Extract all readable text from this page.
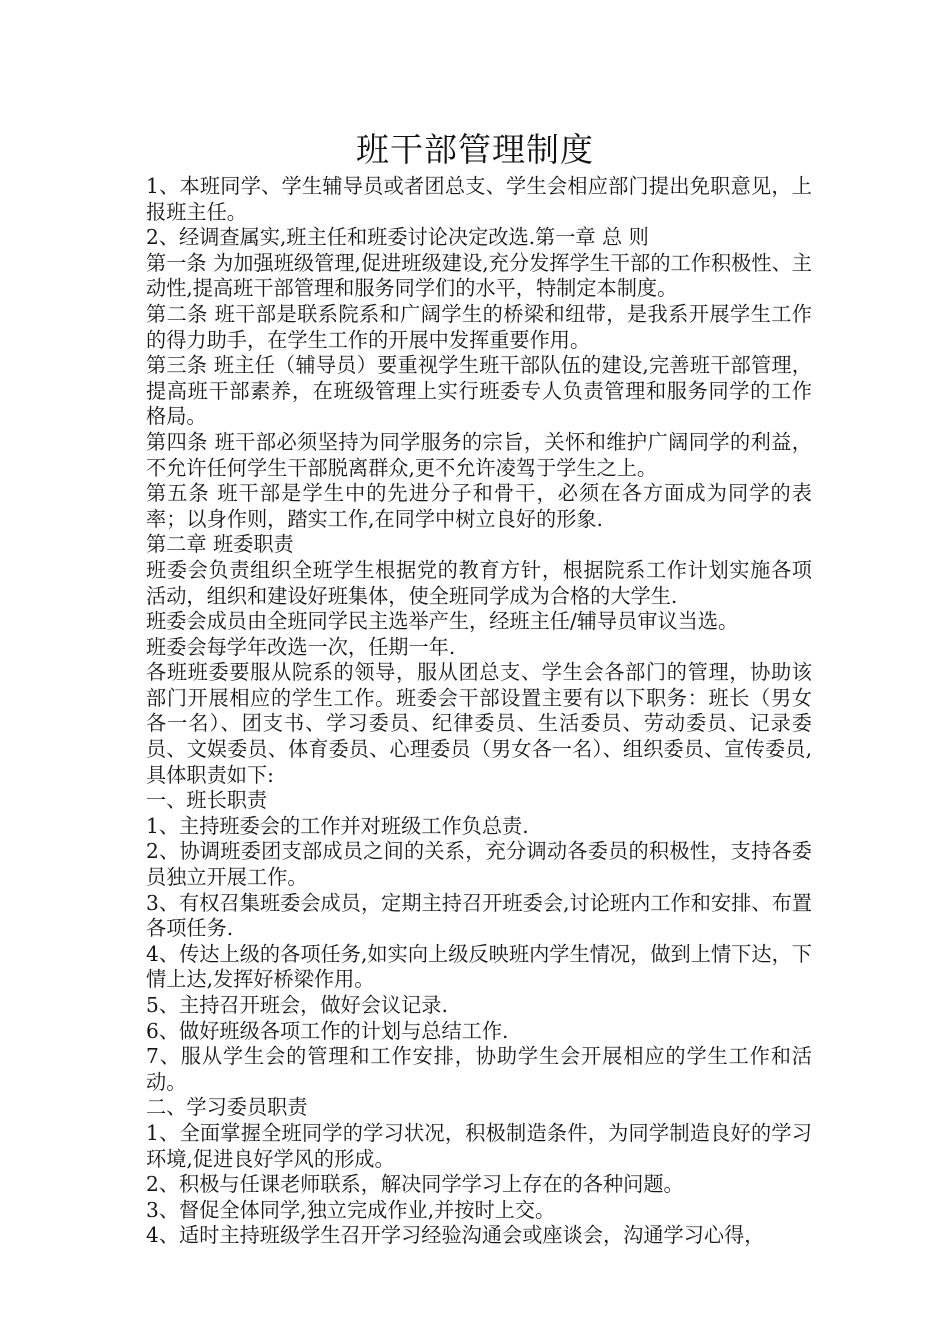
班干部管理制度

1、本班同学、学生辅导员或者团总支、学生会相应部门提出免职意见，上报班主任。

2、经调查属实,班主任和班委讨论决定改选.第一章 总 则

第一条 为加强班级管理,促进班级建设,充分发挥学生干部的工作积极性、主动性,提高班干部管理和服务同学们的水平，特制定本制度。

第二条 班干部是联系院系和广阔学生的桥梁和纽带，是我系开展学生工作的得力助手，在学生工作的开展中发挥重要作用。

第三条 班主任（辅导员）要重视学生班干部队伍的建设,完善班干部管理，提高班干部素养，在班级管理上实行班委专人负责管理和服务同学的工作格局。

第四条 班干部必须坚持为同学服务的宗旨，关怀和维护广阔同学的利益，不允许任何学生干部脱离群众,更不允许凌驾于学生之上。

第五条 班干部是学生中的先进分子和骨干，必须在各方面成为同学的表率；以身作则，踏实工作,在同学中树立良好的形象.

第二章 班委职责

班委会负责组织全班学生根据党的教育方针，根据院系工作计划实施各项活动，组织和建设好班集体，使全班同学成为合格的大学生.

班委会成员由全班同学民主选举产生，经班主任/辅导员审议当选。

班委会每学年改选一次，任期一年.

各班班委要服从院系的领导，服从团总支、学生会各部门的管理，协助该部门开展相应的学生工作。班委会干部设置主要有以下职务：班长（男女各一名）、团支书、学习委员、纪律委员、生活委员、劳动委员、记录委员、文娱委员、体育委员、心理委员（男女各一名）、组织委员、宣传委员,具体职责如下:

一、班长职责

1、主持班委会的工作并对班级工作负总责.

2、协调班委团支部成员之间的关系，充分调动各委员的积极性，支持各委员独立开展工作。

3、有权召集班委会成员，定期主持召开班委会,讨论班内工作和安排、布置各项任务.

4、传达上级的各项任务,如实向上级反映班内学生情况，做到上情下达，下情上达,发挥好桥梁作用。

5、主持召开班会，做好会议记录.

6、做好班级各项工作的计划与总结工作.

7、服从学生会的管理和工作安排，协助学生会开展相应的学生工作和活动。

二、学习委员职责

1、全面掌握全班同学的学习状况，积极制造条件，为同学制造良好的学习环境,促进良好学风的形成。

2、积极与任课老师联系，解决同学学习上存在的各种问题。

3、督促全体同学,独立完成作业,并按时上交。

4、适时主持班级学生召开学习经验沟通会或座谈会，沟通学习心得，
